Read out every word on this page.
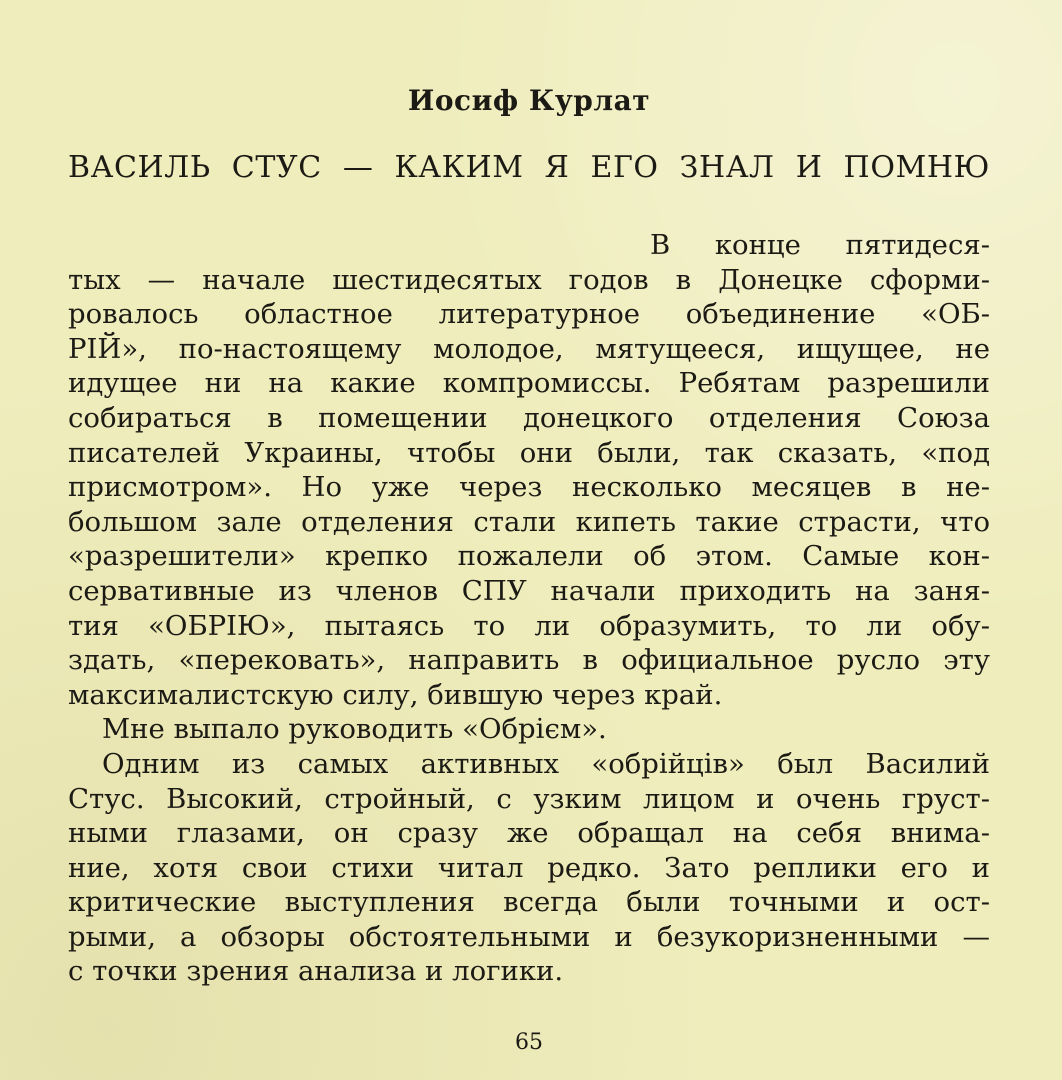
Иосиф Курлат
ВАСИЛЬ СТУС — КАКИМ Я ЕГО ЗНАЛ И ПОМНЮ
В конце пятидеся-
тых — начале шестидесятых годов в Донецке сформи-
ровалось областное литературное объединение «ОБ-
РІЙ», по-настоящему молодое, мятущееся, ищущее, не
идущее ни на какие компромиссы. Ребятам разрешили
собираться в помещении донецкого отделения Союза
писателей Украины, чтобы они были, так сказать, «под
присмотром». Но уже через несколько месяцев в не-
большом зале отделения стали кипеть такие страсти, что
«разрешители» крепко пожалели об этом. Самые кон-
сервативные из членов СПУ начали приходить на заня-
тия «ОБРІЮ», пытаясь то ли образумить, то ли обу-
здать, «перековать», направить в официальное русло эту
максималистскую силу, бившую через край.
Мне выпало руководить «Обрієм».
Одним из самых активных «обрійців» был Василий
Стус. Высокий, стройный, с узким лицом и очень груст-
ными глазами, он сразу же обращал на себя внима-
ние, хотя свои стихи читал редко. Зато реплики его и
критические выступления всегда были точными и ост-
рыми, а обзоры обстоятельными и безукоризненными —
с точки зрения анализа и логики.
65
